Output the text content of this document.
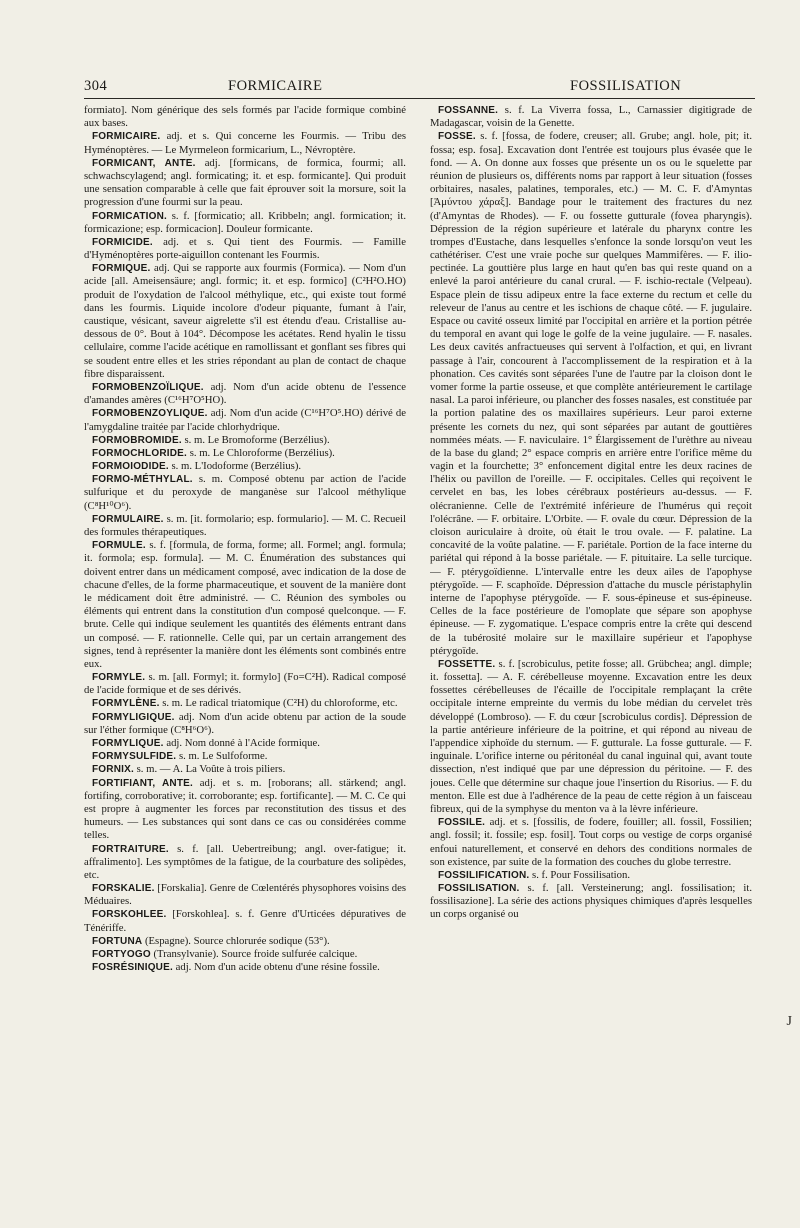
304	FORMICAIRE	FOSSILISATION

formiato]. Nom générique des sels formés par l'acide formique combiné aux bases.

FORMICAIRE. adj. et s. Qui concerne les Fourmis. — Tribu des Hyménoptères. — Le Myrmeleon formicarium, L., Névroptère.

FORMICANT, ANTE. adj. [formicans, de formica, fourmi; all. schwachscylagend; angl. formicating; it. et esp. formicante]. Qui produit une sensation comparable à celle que fait éprouver soit la morsure, soit la progression d'une fourmi sur la peau.

FORMICATION. s. f. [formicatio; all. Kribbeln; angl. formication; it. formicazione; esp. formicacion]. Douleur formicante.

FORMICIDE. adj. et s. Qui tient des Fourmis. — Famille d'Hyménoptères porte-aiguillon contenant les Fourmis.

FORMIQUE. adj. Qui se rapporte aux fourmis (Formica). — Nom d'un acide [all. Ameisensäure; angl. formic; it. et esp. formico] (C²H²O.HO) produit de l'oxydation de l'alcool méthylique, etc., qui existe tout formé dans les fourmis. Liquide incolore d'odeur piquante, fumant à l'air, caustique, vésicant, saveur aigrelette s'il est étendu d'eau. Cristallise au-dessous de 0°. Bout à 104°. Décompose les acétates. Rend hyalin le tissu cellulaire, comme l'acide acétique en ramollissant et gonflant ses fibres qui se soudent entre elles et les stries répondant au plan de contact de chaque fibre disparaissent.

FORMOBENZOÏLIQUE. adj. Nom d'un acide obtenu de l'essence d'amandes amères (C¹⁶H⁷O⁵HO).

FORMOBENZOYLIQUE. adj. Nom d'un acide (C¹⁶H⁷O⁵.HO) dérivé de l'amygdaline traitée par l'acide chlorhydrique.

FORMOBROMIDE. s. m. Le Bromoforme (Berzélius).

FORMOCHLORIDE. s. m. Le Chloroforme (Berzélius).

FORMOIODIDE. s. m. L'Iodoforme (Berzélius).

FORMO-MÉTHYLAL. s. m. Composé obtenu par action de l'acide sulfurique et du peroxyde de manganèse sur l'alcool méthylique (C⁸H¹⁰O⁶).

FORMULAIRE. s. m. [it. formolario; esp. formulario]. — M. C. Recueil des formules thérapeutiques.

FORMULE. s. f. [formula, de forma, forme; all. Formel; angl. formula; it. formola; esp. formula]. — M. C. Énumération des substances qui doivent entrer dans un médicament composé, avec indication de la dose de chacune d'elles, de la forme pharmaceutique, et souvent de la manière dont le médicament doit être administré. — C. Réunion des symboles ou éléments qui entrent dans la constitution d'un composé quelconque. — F. brute. Celle qui indique seulement les quantités des éléments entrant dans un composé. — F. rationnelle. Celle qui, par un certain arrangement des signes, tend à représenter la manière dont les éléments sont combinés entre eux.

FORMYLE. s. m. [all. Formyl; it. formylo] (Fo=C²H). Radical composé de l'acide formique et de ses dérivés.

FORMYLÈNE. s. m. Le radical triatomique (C²H) du chloroforme, etc.

FORMYLIGIQUE. adj. Nom d'un acide obtenu par action de la soude sur l'éther formique (C⁸H⁶O⁶).

FORMYLIQUE. adj. Nom donné à l'Acide formique.

FORMYSULFIDE. s. m. Le Sulfoforme.

FORNIX. s. m. — A. La Voûte à trois piliers.

FORTIFIANT, ANTE. adj. et s. m. [roborans; all. stärkend; angl. fortifing, corroborative; it. corroborante; esp. fortificante]. — M. C. Ce qui est propre à augmenter les forces par reconstitution des tissus et des humeurs. — Les substances qui sont dans ce cas ou considérées comme telles.

FORTRAITURE. s. f. [all. Uebertreibung; angl. over-fatigue; it. affralimento]. Les symptômes de la fatigue, de la courbature des solipèdes, etc.

FORSKALIE. [Forskalia]. Genre de Cœlentérés physophores voisins des Méduaires.

FORSKOHLEE. [Forskohlea]. s. f. Genre d'Urticées dépuratives de Ténériffe.

FORTUNA (Espagne). Source chlorurée sodique (53°).

FORTYOGO (Transylvanie). Source froide sulfurée calcique.

FOSRÉSINIQUE. adj. Nom d'un acide obtenu d'une résine fossile.

FOSSANNE. s. f. La Viverra fossa, L., Carnassier digitigrade de Madagascar, voisin de la Genette.

FOSSE. s. f. [fossa, de fodere, creuser; all. Grube; angl. hole, pit; it. fossa; esp. fosa]. Excavation dont l'entrée est toujours plus évasée que le fond. — A. On donne aux fosses que présente un os ou le squelette par réunion de plusieurs os, différents noms par rapport à leur situation (fosses orbitaires, nasales, palatines, temporales, etc.) — M. C. F. d'Amyntas [Ἀμύντου χάραξ]. Bandage pour le traitement des fractures du nez (d'Amyntas de Rhodes). — F. ou fossette gutturale (fovea pharyngis). Dépression de la région supérieure et latérale du pharynx contre les trompes d'Eustache, dans lesquelles s'enfonce la sonde lorsqu'on veut les cathétériser. C'est une vraie poche sur quelques Mammifères. — F. ilio-pectinée. La gouttière plus large en haut qu'en bas qui reste quand on a enlevé la paroi antérieure du canal crural. — F. ischio-rectale (Velpeau). Espace plein de tissu adipeux entre la face externe du rectum et celle du releveur de l'anus au centre et les ischions de chaque côté. — F. jugulaire. Espace ou cavité osseux limité par l'occipital en arrière et la portion pétrée du temporal en avant qui loge le golfe de la veine jugulaire. — F. nasales. Les deux cavités anfractueuses qui servent à l'olfaction, et qui, en livrant passage à l'air, concourent à l'accomplissement de la respiration et à la phonation. Ces cavités sont séparées l'une de l'autre par la cloison dont le vomer forme la partie osseuse, et que complète antérieurement le cartilage nasal. La paroi inférieure, ou plancher des fosses nasales, est constituée par la portion palatine des os maxillaires supérieurs. Leur paroi externe présente les cornets du nez, qui sont séparées par autant de gouttières nommées méats. — F. naviculaire. 1° Élargissement de l'urèthre au niveau de la base du gland; 2° espace compris en arrière entre l'orifice même du vagin et la fourchette; 3° enfoncement digital entre les deux racines de l'hélix ou pavillon de l'oreille. — F. occipitales. Celles qui reçoivent le cervelet en bas, les lobes cérébraux postérieurs au-dessus. — F. olécranienne. Celle de l'extrémité inférieure de l'humérus qui reçoit l'olécrâne. — F. orbitaire. L'Orbite. — F. ovale du cœur. Dépression de la cloison auriculaire à droite, où était le trou ovale. — F. palatine. La concavité de la voûte palatine. — F. pariétale. Portion de la face interne du pariétal qui répond à la bosse pariétale. — F. pituitaire. La selle turcique. — F. ptérygoïdienne. L'intervalle entre les deux ailes de l'apophyse ptérygoïde. — F. scaphoïde. Dépression d'attache du muscle péristaphylin interne de l'apophyse ptérygoïde. — F. sous-épineuse et sus-épineuse. Celles de la face postérieure de l'omoplate que sépare son apophyse épineuse. — F. zygomatique. L'espace compris entre la crête qui descend de la tubérosité molaire sur le maxillaire supérieur et l'apophyse ptérygoïde.

FOSSETTE. s. f. [scrobiculus, petite fosse; all. Grübchea; angl. dimple; it. fossetta]. — A. F. cérébelleuse moyenne. Excavation entre les deux fossettes cérébelleuses de l'écaille de l'occipitale remplaçant la crête occipitale interne empreinte du vermis du lobe médian du cervelet très développé (Lombroso). — F. du cœur [scrobiculus cordis]. Dépression de la partie antérieure inférieure de la poitrine, et qui répond au niveau de l'appendice xiphoïde du sternum. — F. gutturale. La fosse gutturale. — F. inguinale. L'orifice interne ou péritonéal du canal inguinal qui, avant toute dissection, n'est indiqué que par une dépression du péritoine. — F. des joues. Celle que détermine sur chaque joue l'insertion du Risorius. — F. du menton. Elle est due à l'adhérence de la peau de cette région à un faisceau fibreux, qui de la symphyse du menton va à la lèvre inférieure.

FOSSILE. adj. et s. [fossilis, de fodere, fouiller; all. fossil, Fossilien; angl. fossil; it. fossile; esp. fosil]. Tout corps ou vestige de corps organisé enfoui naturellement, et conservé en dehors des conditions normales de son existence, par suite de la formation des couches du globe terrestre.

FOSSILIFICATION. s. f. Pour Fossilisation.

FOSSILISATION. s. f. [all. Versteinerung; angl. fossilisation; it. fossilisazione]. La série des actions physiques chimiques d'après lesquelles un corps organisé ou

J
